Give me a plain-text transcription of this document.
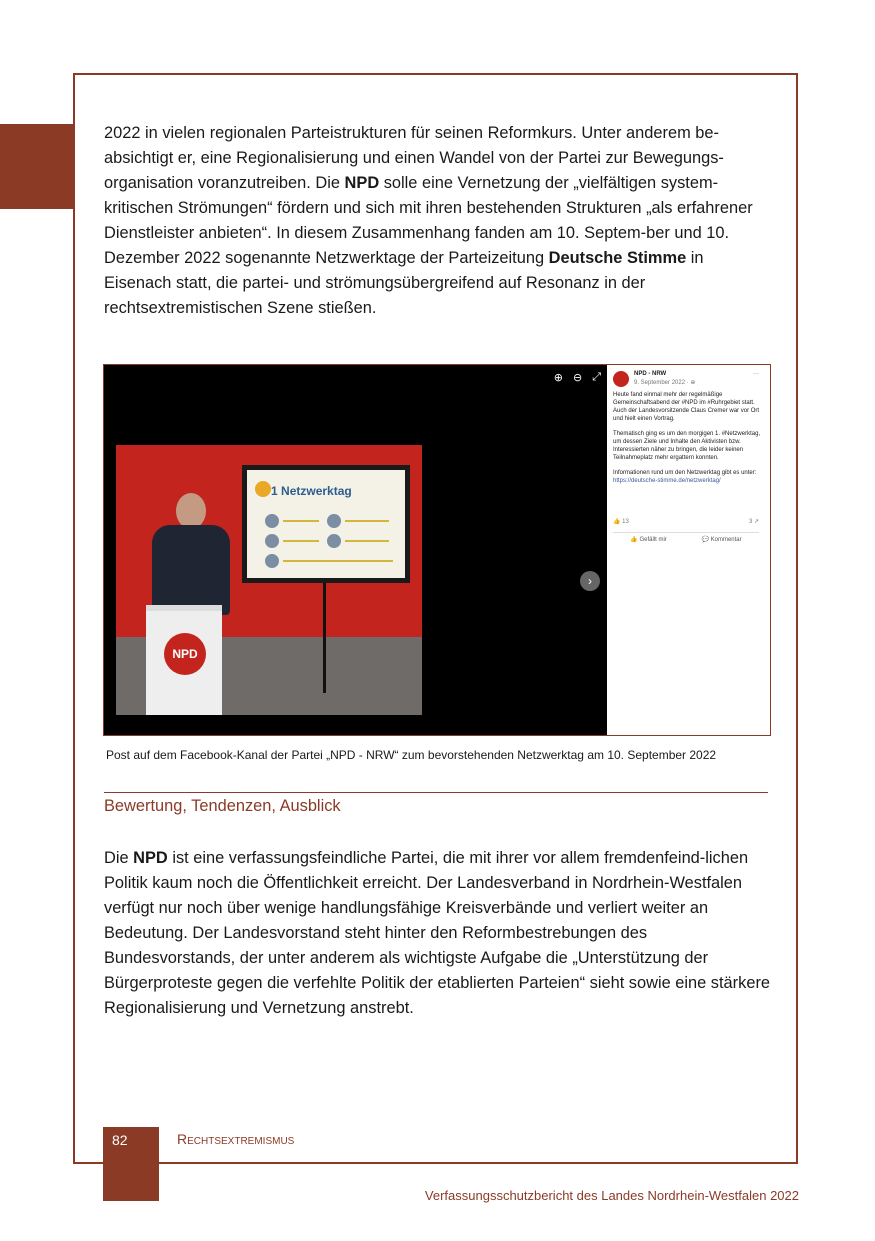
2022 in vielen regionalen Parteistrukturen für seinen Reformkurs. Unter anderem be-absichtigt er, eine Regionalisierung und einen Wandel von der Partei zur Bewegungs-organisation voranzutreiben. Die NPD solle eine Vernetzung der „vielfältigen system-kritischen Strömungen“ fördern und sich mit ihren bestehenden Strukturen „als erfahrener Dienstleister anbieten“. In diesem Zusammenhang fanden am 10. Septem-ber und 10. Dezember 2022 sogenannte Netzwerktage der Parteizeitung Deutsche Stimme in Eisenach statt, die partei- und strömungsübergreifend auf Resonanz in der rechtsextremistischen Szene stießen.

⊕ ⊖ ⤢
1 Netzwerktag
NPD
›
NPD - NRW
9. September 2022 · ⊕
···

Heute fand einmal mehr der regelmäßige Gemeinschaftsabend der #NPD im #Ruhrgebiet statt. Auch der Landesvorsitzende Claus Cremer war vor Ort und hielt einen Vortrag.

Thematisch ging es um den morgigen 1. #Netzwerktag, um dessen Ziele und Inhalte den Aktivisten bzw. Interessierten näher zu bringen, die leider keinen Teilnahmeplatz mehr ergattern konnten.

Informationen rund um den Netzwerktag gibt es unter: https://deutsche-stimme.de/netzwerktag/

👍 13	3 ↗
👍 Gefällt mir	💬 Kommentar

Post auf dem Facebook-Kanal der Partei „NPD - NRW“ zum bevorstehenden Netzwerktag am 10. September 2022

Bewertung, Tendenzen, Ausblick

Die NPD ist eine verfassungsfeindliche Partei, die mit ihrer vor allem fremdenfeind-lichen Politik kaum noch die Öffentlichkeit erreicht. Der Landesverband in Nordrhein-Westfalen verfügt nur noch über wenige handlungsfähige Kreisverbände und verliert weiter an Bedeutung. Der Landesvorstand steht hinter den Reformbestrebungen des Bundesvorstands, der unter anderem als wichtigste Aufgabe die „Unterstützung der Bürgerproteste gegen die verfehlte Politik der etablierten Parteien“ sieht sowie eine stärkere Regionalisierung und Vernetzung anstrebt.

82	Rechtsextremismus
Verfassungsschutzbericht des Landes Nordrhein-Westfalen 2022
